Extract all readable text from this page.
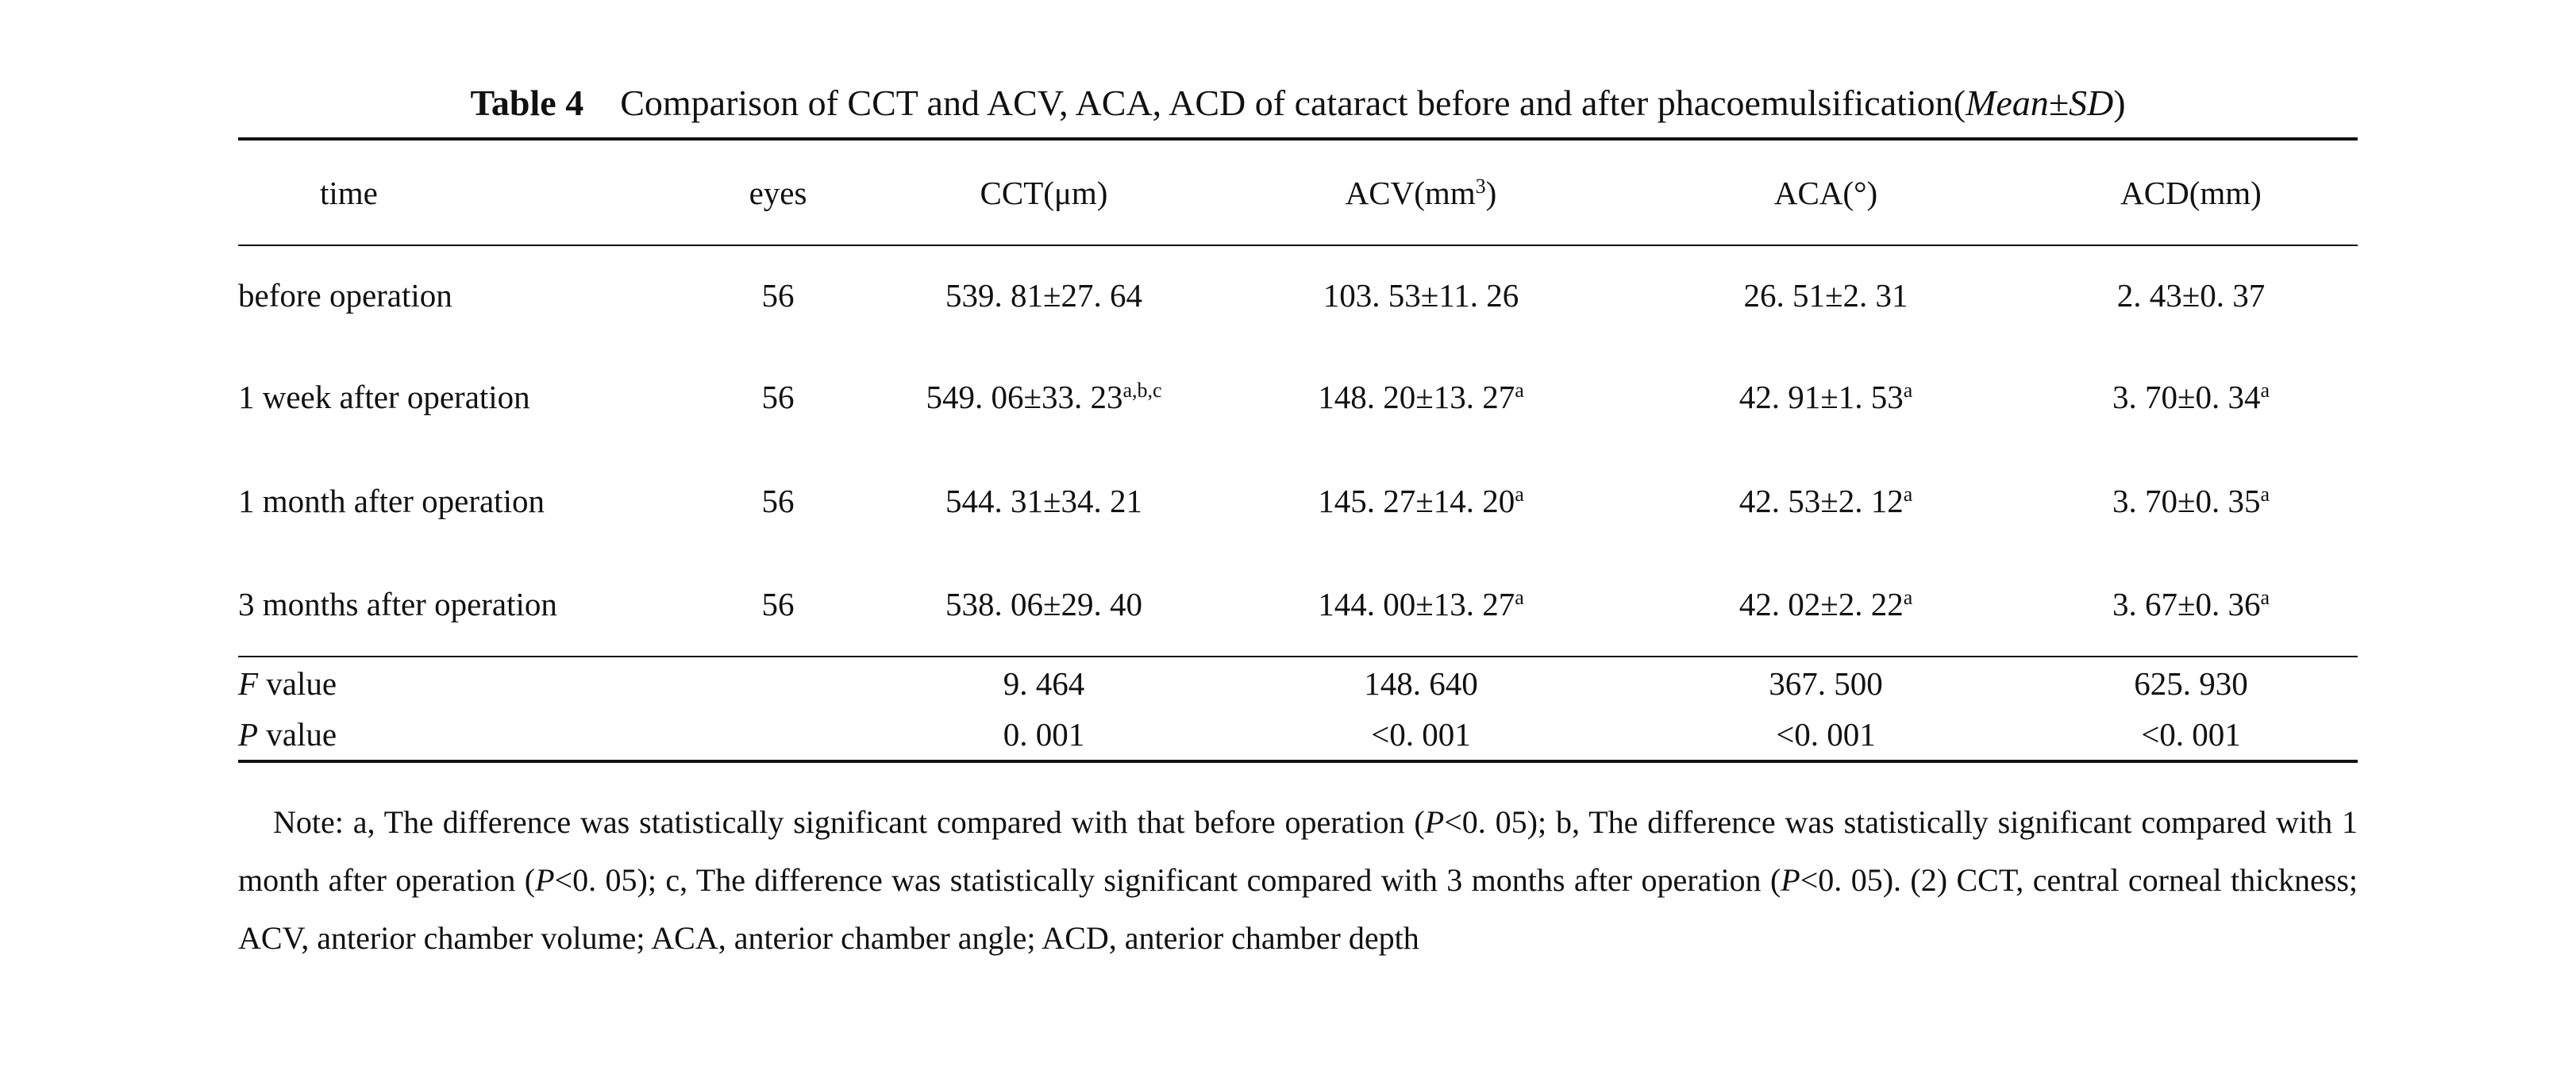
Table 4 Comparison of CCT and ACV, ACA, ACD of cataract before and after phacoemulsification(Mean±SD)
time	eyes	CCT(μm)	$ACV(mm^3)$	ACA(°)	ACD(mm)
before operation	56	539. 81±27. 64	103. 53±11. 26	26. 51±2. 31	2. 43±0. 37
1 week after operation	56	549. 06±33. 23$^{a,b,c}$	148. 20±13. 27$^a$	42. 91±1. 53$^a$	3. 70±0. 34$^a$
1 month after operation	56	544. 31±34. 21	145. 27±14. 20$^a$	42. 53±2. 12$^a$	3. 70±0. 35$^a$
3 months after operation	56	538. 06±29. 40	144. 00±13. 27$^a$	42. 02±2. 22$^a$	3. 67±0. 36$^a$
F value		9. 464	148. 640	367. 500	625. 930
P value		0. 001	<0. 001	<0. 001	<0. 001
Note: a, The difference was statistically significant compared with that before operation (P<0. 05); b, The difference was statistically significant compared with 1 month after operation (P<0. 05); c, The difference was statistically significant compared with 3 months after operation (P<0. 05). (2) CCT, central corneal thickness; ACV, anterior chamber volume; ACA, anterior chamber angle; ACD, anterior chamber depth
